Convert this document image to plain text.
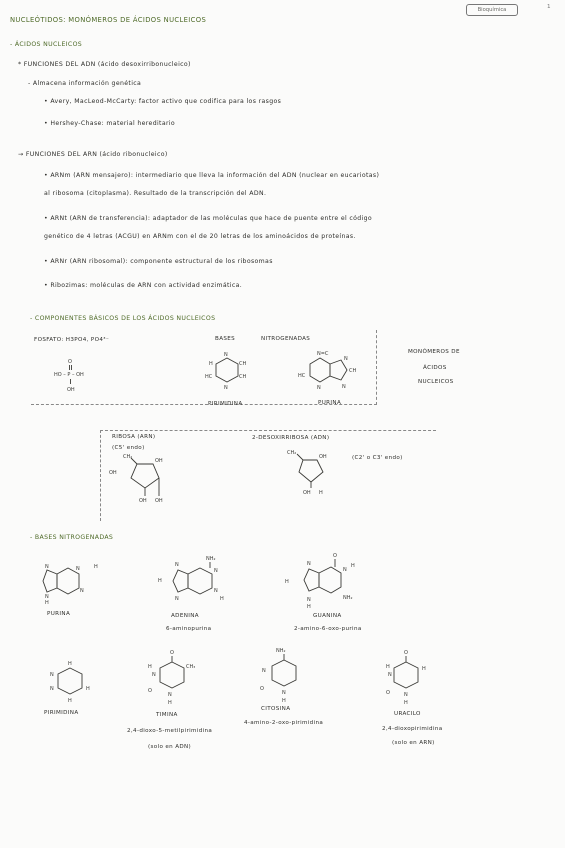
Bioquímica	1
NUCLEÓTIDOS: MONÓMEROS DE ÁCIDOS NUCLEICOS
- ÁCIDOS NUCLEICOS
* FUNCIONES DEL ADN (ácido desoxirribonucleico)
- Almacena información genética
• Avery, MacLeod-McCarty: factor activo que codifica para los rasgos
• Hershey-Chase: material hereditario
→ FUNCIONES DEL ARN (ácido ribonucleico)
• ARNm (ARN mensajero): intermediario que lleva la información del ADN (nuclear en eucariotas)
al ribosoma (citoplasma). Resultado de la transcripción del ADN.
• ARNt (ARN de transferencia): adaptador de las moléculas que hace de puente entre el código
genético de 4 letras (ACGU) en ARNm con el de 20 letras de los aminoácidos de proteínas.
• ARNr (ARN ribosomal): componente estructural de los ribosomas
• Ribozimas: moléculas de ARN con actividad enzimática.
- COMPONENTES BÁSICOS DE LOS ÁCIDOS NUCLEICOS
FOSFATO: H3PO4, PO4³⁻
O
HO – P – OH
OH
BASES	NITROGENADAS
N
CH
CH
N
HC
H
PIRIMIDINA
N=C
HC
N
N
CH
N
PURINA
MONÓMEROS DE
ÁCIDOS
NUCLEICOS
RIBOSA (ARN)
(C5' endo)
CH₂
OH
OH
OH OH
2-DESOXIRRIBOSA (ADN)
(C2' o C3' endo)
CH₂
OH
OH H
- BASES NITROGENADAS
N
N
H
N
N
H
PURINA
NH₂
N
N
H
N
H
N
ADENINA
6-aminopurina
O
N
H
NH₂
H
N
N
H
GUANINA
2-amino-6-oxo-purina
H
N
N	H
H
PIRIMIDINA
O
CH₃
H
N
O
N
H
TIMINA
2,4-dioxo-5-metilpirimidina
(solo en ADN)
NH₂
N
O
N
H
CITOSINA
4-amino-2-oxo-pirimidina
O
H
H
N
O	N
H
URACILO
2,4-dioxopirimidina
(solo en ARN)
